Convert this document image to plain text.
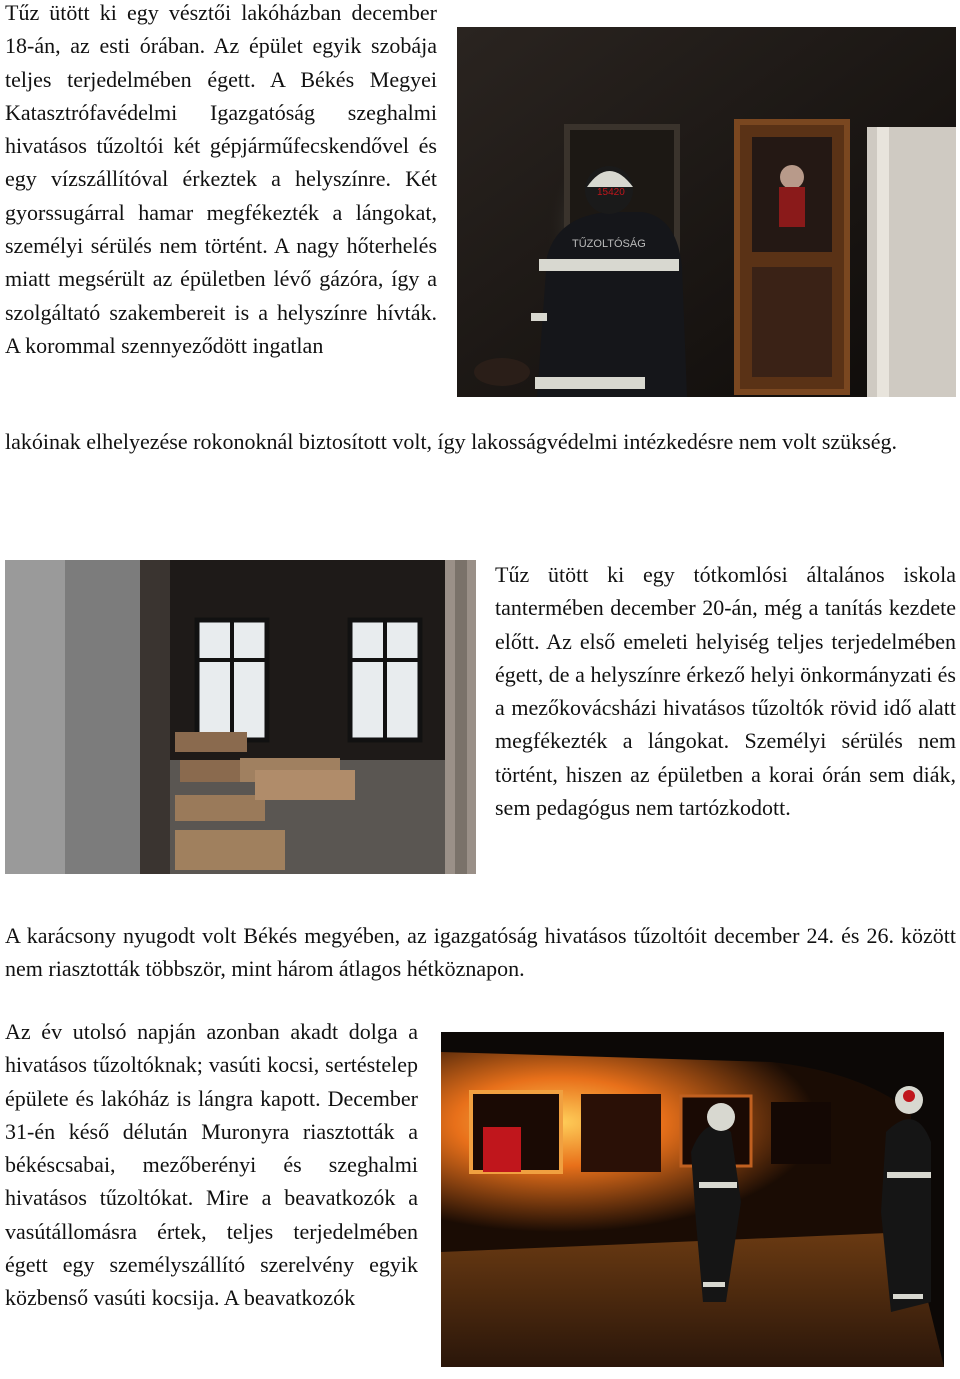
Tűz ütött ki egy vésztői lakóházban december 18-án, az esti órában. Az épület egyik szobája teljes terjedelmében égett. A Békés Megyei Katasztrófavédelmi Igazgatóság szeghalmi hivatásos tűzoltói két gépjárműfecskendővel és egy vízszállítóval érkeztek a helyszínre. Két gyorssugárral hamar megfékezték a lángokat, személyi sérülés nem történt. A nagy hőterhelés miatt megsérült az épületben lévő gázóra, így a szolgáltató szakembereit is a helyszínre hívták. A korommal szennyeződött ingatlan

15420
TŰZOLTÓSÁG

lakóinak elhelyezése rokonoknál biztosított volt, így lakosságvédelmi intézkedésre nem volt szükség.

Tűz ütött ki egy tótkomlósi általános iskola tantermében december 20-án, még a tanítás kezdete előtt. Az első emeleti helyiség teljes terjedelmében égett, de a helyszínre érkező helyi önkormányzati és a mezőkovácsházi hivatásos tűzoltók rövid idő alatt megfékezték a lángokat. Személyi sérülés nem történt, hiszen az épületben a korai órán sem diák, sem pedagógus nem tartózkodott.

A karácsony nyugodt volt Békés megyében, az igazgatóság hivatásos tűzoltóit december 24. és 26. között nem riasztották többször, mint három átlagos hétköznapon.

Az év utolsó napján azonban akadt dolga a hivatásos tűzoltóknak; vasúti kocsi, sertéstelep épülete és lakóház is lángra kapott. December 31-én késő délután Muronyra riasztották a békéscsabai, mezőberényi és szeghalmi hivatásos tűzoltókat. Mire a beavatkozók a vasútállomásra értek, teljes terjedelmében égett egy személyszállító szerelvény egyik közbenső vasúti kocsija. A beavatkozók
